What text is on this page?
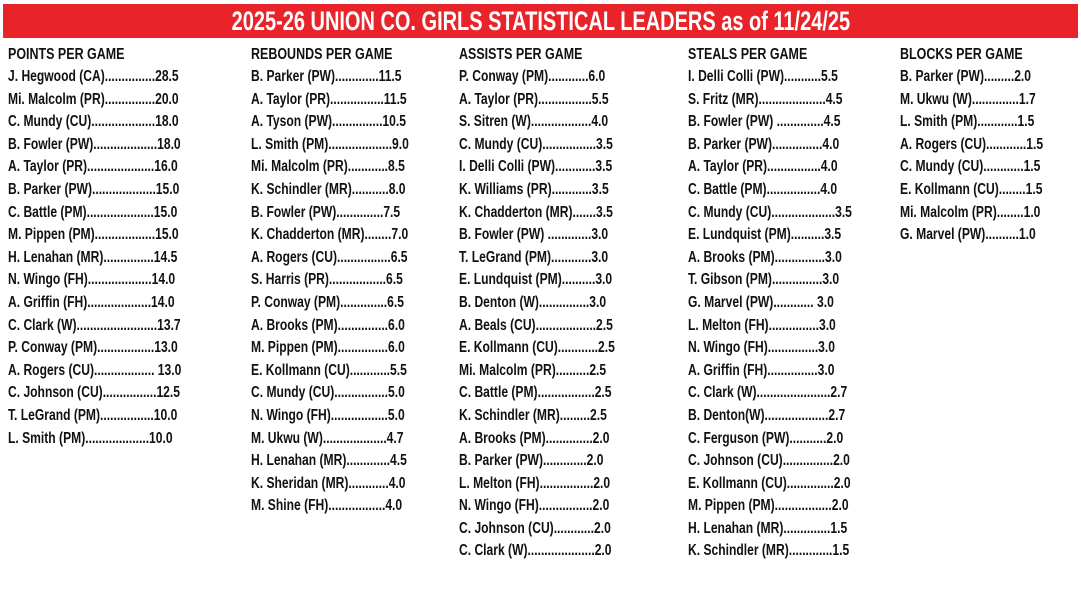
2025-26 UNION CO. GIRLS STATISTICAL LEADERS as of 11/24/25
POINTS PER GAME
J. Hegwood (CA)...............28.5
Mi. Malcolm (PR)...............20.0
C. Mundy (CU)...................18.0
B. Fowler (PW)...................18.0
A. Taylor (PR)....................16.0
B. Parker (PW)...................15.0
C. Battle (PM)....................15.0
M. Pippen (PM)..................15.0
H. Lenahan (MR)...............14.5
N. Wingo (FH)...................14.0
A. Griffin (FH)...................14.0
C. Clark (W)........................13.7
P. Conway (PM).................13.0
A. Rogers (CU).................. 13.0
C. Johnson (CU)................12.5
T. LeGrand (PM)................10.0
L. Smith (PM)...................10.0
REBOUNDS PER GAME
B. Parker (PW).............11.5
A. Taylor (PR)................11.5
A. Tyson (PW)...............10.5
L. Smith (PM)...................9.0
Mi. Malcolm (PR)............8.5
K. Schindler (MR)...........8.0
B. Fowler (PW)..............7.5
K. Chadderton (MR)........7.0
A. Rogers (CU)................6.5
S. Harris (PR).................6.5
P. Conway (PM)..............6.5
A. Brooks (PM)...............6.0
M. Pippen (PM)...............6.0
E. Kollmann (CU)............5.5
C. Mundy (CU)................5.0
N. Wingo (FH).................5.0
M. Ukwu (W)...................4.7
H. Lenahan (MR).............4.5
K. Sheridan (MR)............4.0
M. Shine (FH).................4.0
ASSISTS PER GAME
P. Conway (PM)............6.0
A. Taylor (PR)................5.5
S. Sitren (W)..................4.0
C. Mundy (CU)................3.5
I. Delli Colli (PW)............3.5
K. Williams (PR)............3.5
K. Chadderton (MR).......3.5
B. Fowler (PW) .............3.0
T. LeGrand (PM)............3.0
E. Lundquist (PM)..........3.0
B. Denton (W)...............3.0
A. Beals (CU)..................2.5
E. Kollmann (CU)............2.5
Mi. Malcolm (PR)..........2.5
C. Battle (PM).................2.5
K. Schindler (MR).........2.5
A. Brooks (PM)..............2.0
B. Parker (PW).............2.0
L. Melton (FH)................2.0
N. Wingo (FH)................2.0
C. Johnson (CU)............2.0
C. Clark (W)....................2.0
STEALS PER GAME
I. Delli Colli (PW)...........5.5
S. Fritz (MR)....................4.5
B. Fowler (PW) ..............4.5
B. Parker (PW)...............4.0
A. Taylor (PR)................4.0
C. Battle (PM)................4.0
C. Mundy (CU)...................3.5
E. Lundquist (PM)..........3.5
A. Brooks (PM)...............3.0
T. Gibson (PM)...............3.0
G. Marvel (PW)............ 3.0
L. Melton (FH)...............3.0
N. Wingo (FH)...............3.0
A. Griffin (FH)...............3.0
C. Clark (W)......................2.7
B. Denton(W)...................2.7
C. Ferguson (PW)...........2.0
C. Johnson (CU)...............2.0
E. Kollmann (CU)..............2.0
M. Pippen (PM).................2.0
H. Lenahan (MR)..............1.5
K. Schindler (MR).............1.5
BLOCKS PER GAME
B. Parker (PW).........2.0
M. Ukwu (W)..............1.7
L. Smith (PM)............1.5
A. Rogers (CU)............1.5
C. Mundy (CU)............1.5
E. Kollmann (CU)........1.5
Mi. Malcolm (PR)........1.0
G. Marvel (PW)..........1.0
